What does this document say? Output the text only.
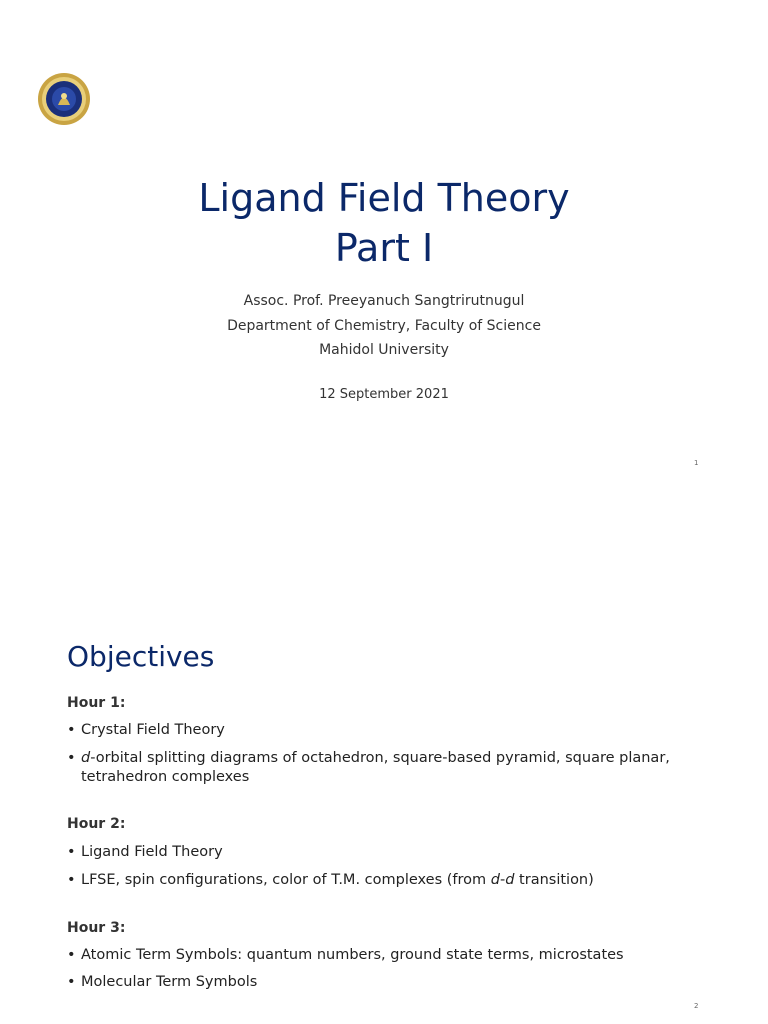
Ligand Field Theory
Part I
Assoc. Prof. Preeyanuch Sangtrirutnugul
Department of Chemistry, Faculty of Science
Mahidol University
12 September 2021
1
Objectives
Hour 1:
• Crystal Field Theory
• d-orbital splitting diagrams of octahedron, square-based pyramid, square planar, tetrahedron complexes
Hour 2:
• Ligand Field Theory
• LFSE, spin configurations, color of T.M. complexes (from d-d transition)
Hour 3:
• Atomic Term Symbols: quantum numbers, ground state terms, microstates
• Molecular Term Symbols
2
